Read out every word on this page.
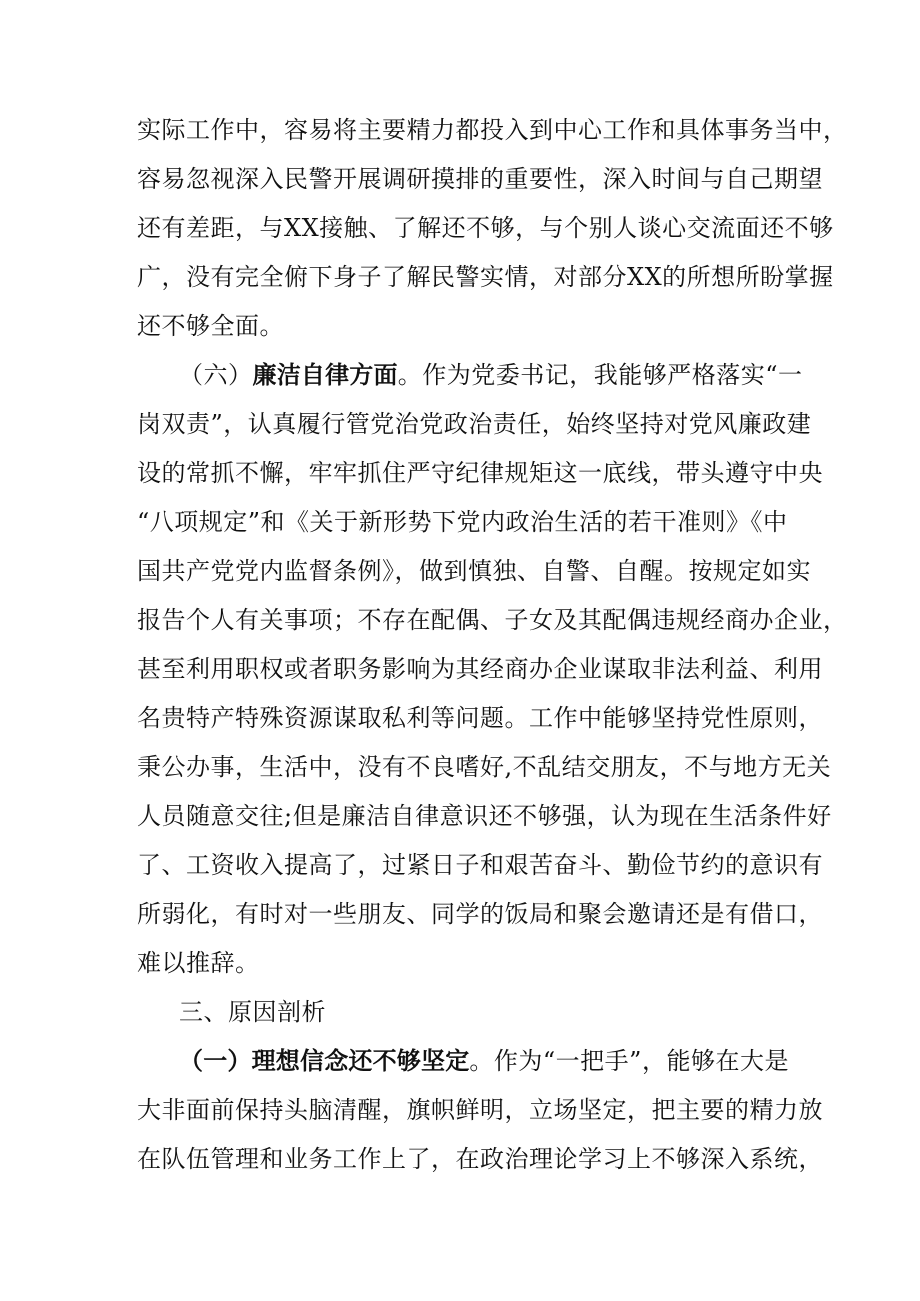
实际工作中，容易将主要精力都投入到中心工作和具体事务当中，
容易忽视深入民警开展调研摸排的重要性，深入时间与自己期望
还有差距，与XX接触、了解还不够，与个别人谈心交流面还不够
广，没有完全俯下身子了解民警实情，对部分XX的所想所盼掌握
还不够全面。
（六）廉洁自律方面。作为党委书记，我能够严格落实“一
岗双责”，认真履行管党治党政治责任，始终坚持对党风廉政建
设的常抓不懈，牢牢抓住严守纪律规矩这一底线，带头遵守中央
“八项规定”和《关于新形势下党内政治生活的若干准则》《中
国共产党党内监督条例》，做到慎独、自警、自醒。按规定如实
报告个人有关事项；不存在配偶、子女及其配偶违规经商办企业，
甚至利用职权或者职务影响为其经商办企业谋取非法利益、利用
名贵特产特殊资源谋取私利等问题。工作中能够坚持党性原则，
秉公办事，生活中，没有不良嗜好,不乱结交朋友，不与地方无关
人员随意交往;但是廉洁自律意识还不够强，认为现在生活条件好
了、工资收入提高了，过紧日子和艰苦奋斗、勤俭节约的意识有
所弱化，有时对一些朋友、同学的饭局和聚会邀请还是有借口，
难以推辞。
三、原因剖析
（一）理想信念还不够坚定。作为“一把手”，能够在大是
大非面前保持头脑清醒，旗帜鲜明，立场坚定，把主要的精力放
在队伍管理和业务工作上了，在政治理论学习上不够深入系统，
